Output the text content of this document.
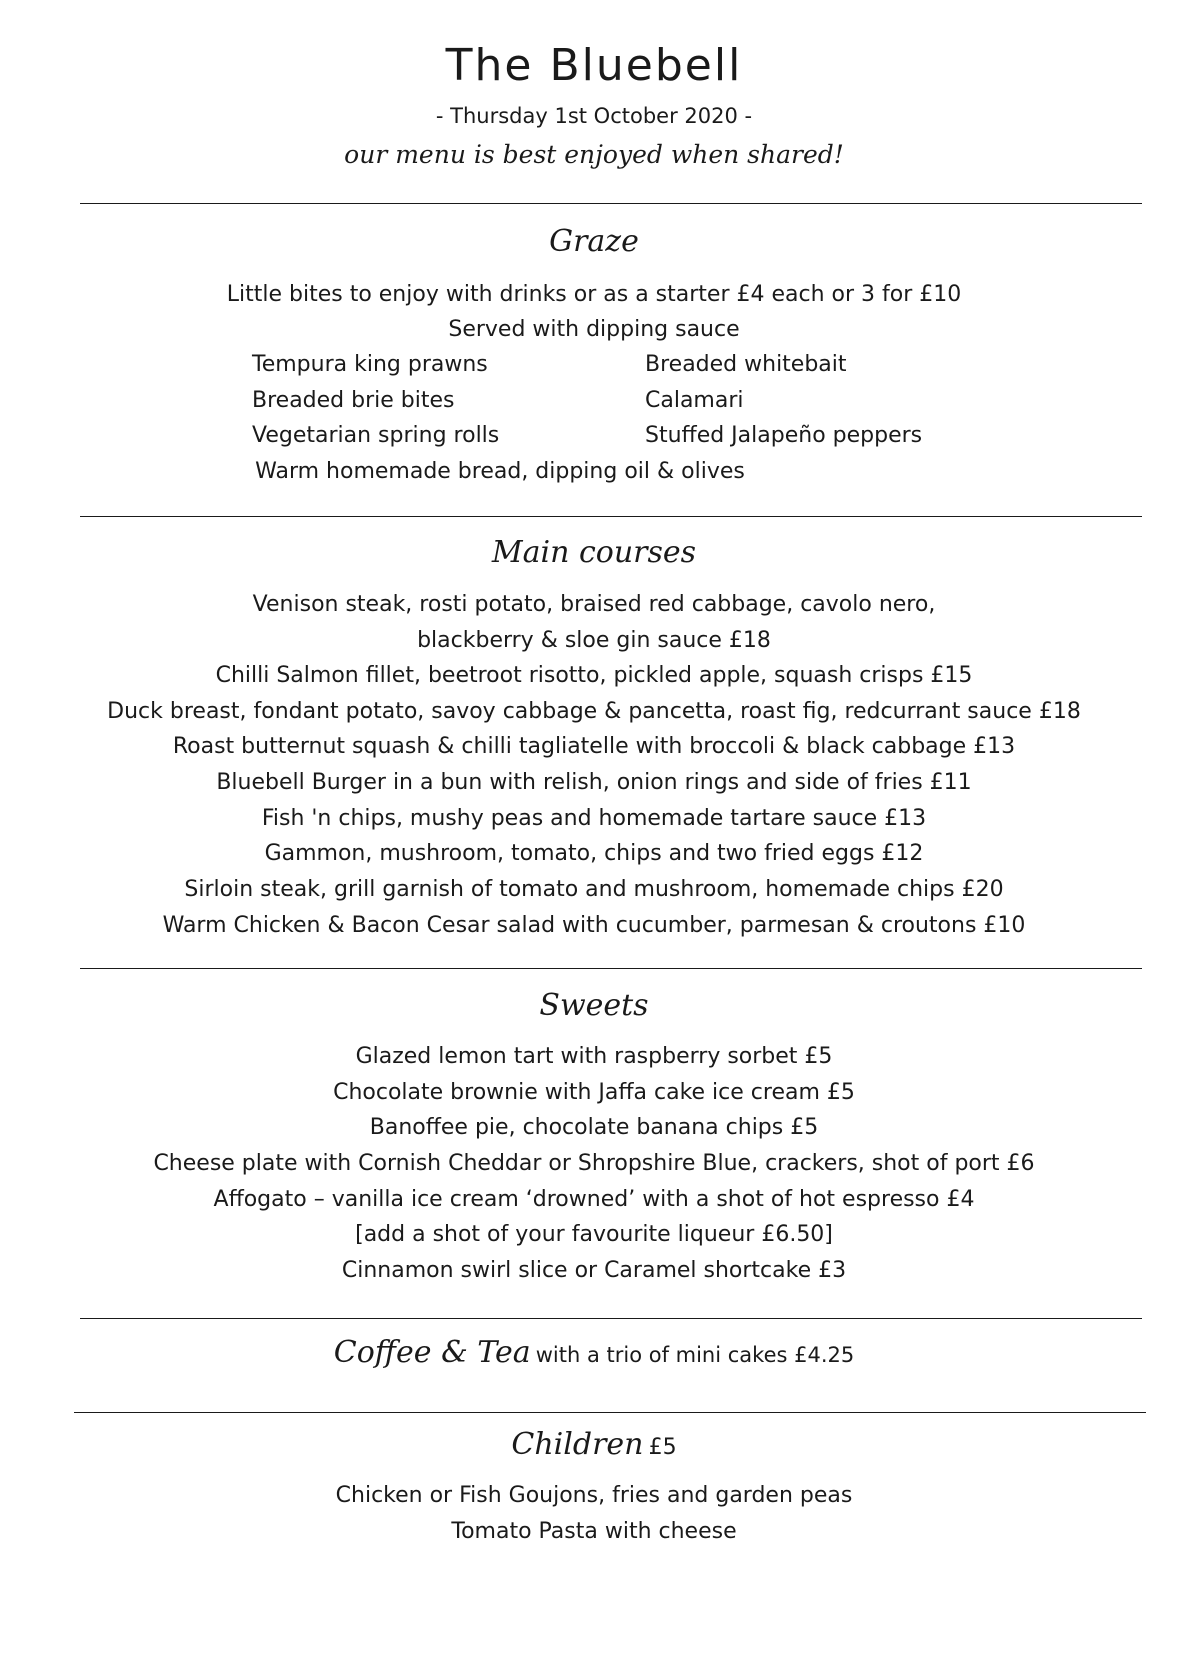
The Bluebell
- Thursday 1st October 2020 -
our menu is best enjoyed when shared!
Graze
Little bites to enjoy with drinks or as a starter £4 each or 3 for £10
Served with dipping sauce
Tempura king prawns
Breaded brie bites
Vegetarian spring rolls
Breaded whitebait
Calamari
Stuffed Jalapeño peppers
Warm homemade bread, dipping oil & olives
Main courses
Venison steak, rosti potato, braised red cabbage, cavolo nero,
blackberry & sloe gin sauce £18
Chilli Salmon fillet, beetroot risotto, pickled apple, squash crisps £15
Duck breast, fondant potato, savoy cabbage & pancetta, roast fig, redcurrant sauce £18
Roast butternut squash & chilli tagliatelle with broccoli & black cabbage £13
Bluebell Burger in a bun with relish, onion rings and side of fries £11
Fish 'n chips, mushy peas and homemade tartare sauce £13
Gammon, mushroom, tomato, chips and two fried eggs £12
Sirloin steak, grill garnish of tomato and mushroom, homemade chips £20
Warm Chicken & Bacon Cesar salad with cucumber, parmesan & croutons £10
Sweets
Glazed lemon tart with raspberry sorbet £5
Chocolate brownie with Jaffa cake ice cream £5
Banoffee pie, chocolate banana chips £5
Cheese plate with Cornish Cheddar or Shropshire Blue, crackers, shot of port £6
Affogato – vanilla ice cream ‘drowned’ with a shot of hot espresso £4
[add a shot of your favourite liqueur £6.50]
Cinnamon swirl slice or Caramel shortcake £3
Coffee & Tea with a trio of mini cakes £4.25
Children £5
Chicken or Fish Goujons, fries and garden peas
Tomato Pasta with cheese
